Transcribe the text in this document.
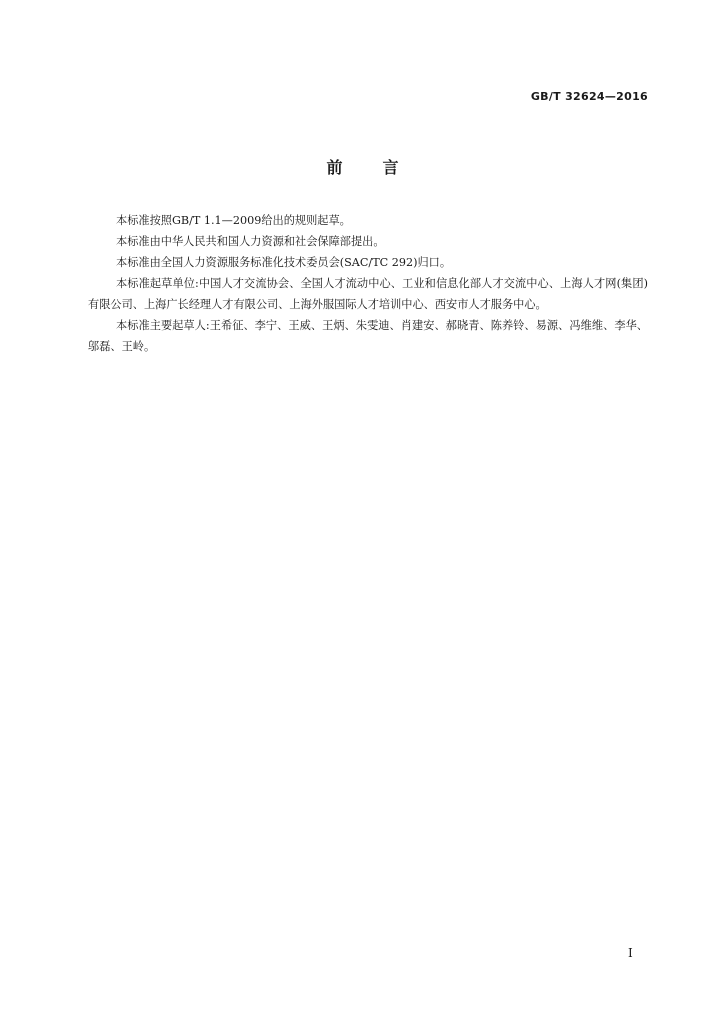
GB/T 32624—2016
前言

本标准按照GB/T 1.1—2009给出的规则起草。

本标准由中华人民共和国人力资源和社会保障部提出。

本标准由全国人力资源服务标准化技术委员会(SAC/TC 292)归口。

本标准起草单位:中国人才交流协会、全国人才流动中心、工业和信息化部人才交流中心、上海人才网(集团)有限公司、上海广长经理人才有限公司、上海外服国际人才培训中心、西安市人才服务中心。

本标准主要起草人:王希征、李宁、王威、王炳、朱雯迪、肖建安、郝晓青、陈养铃、易源、冯维维、李华、邬磊、王岭。

I
